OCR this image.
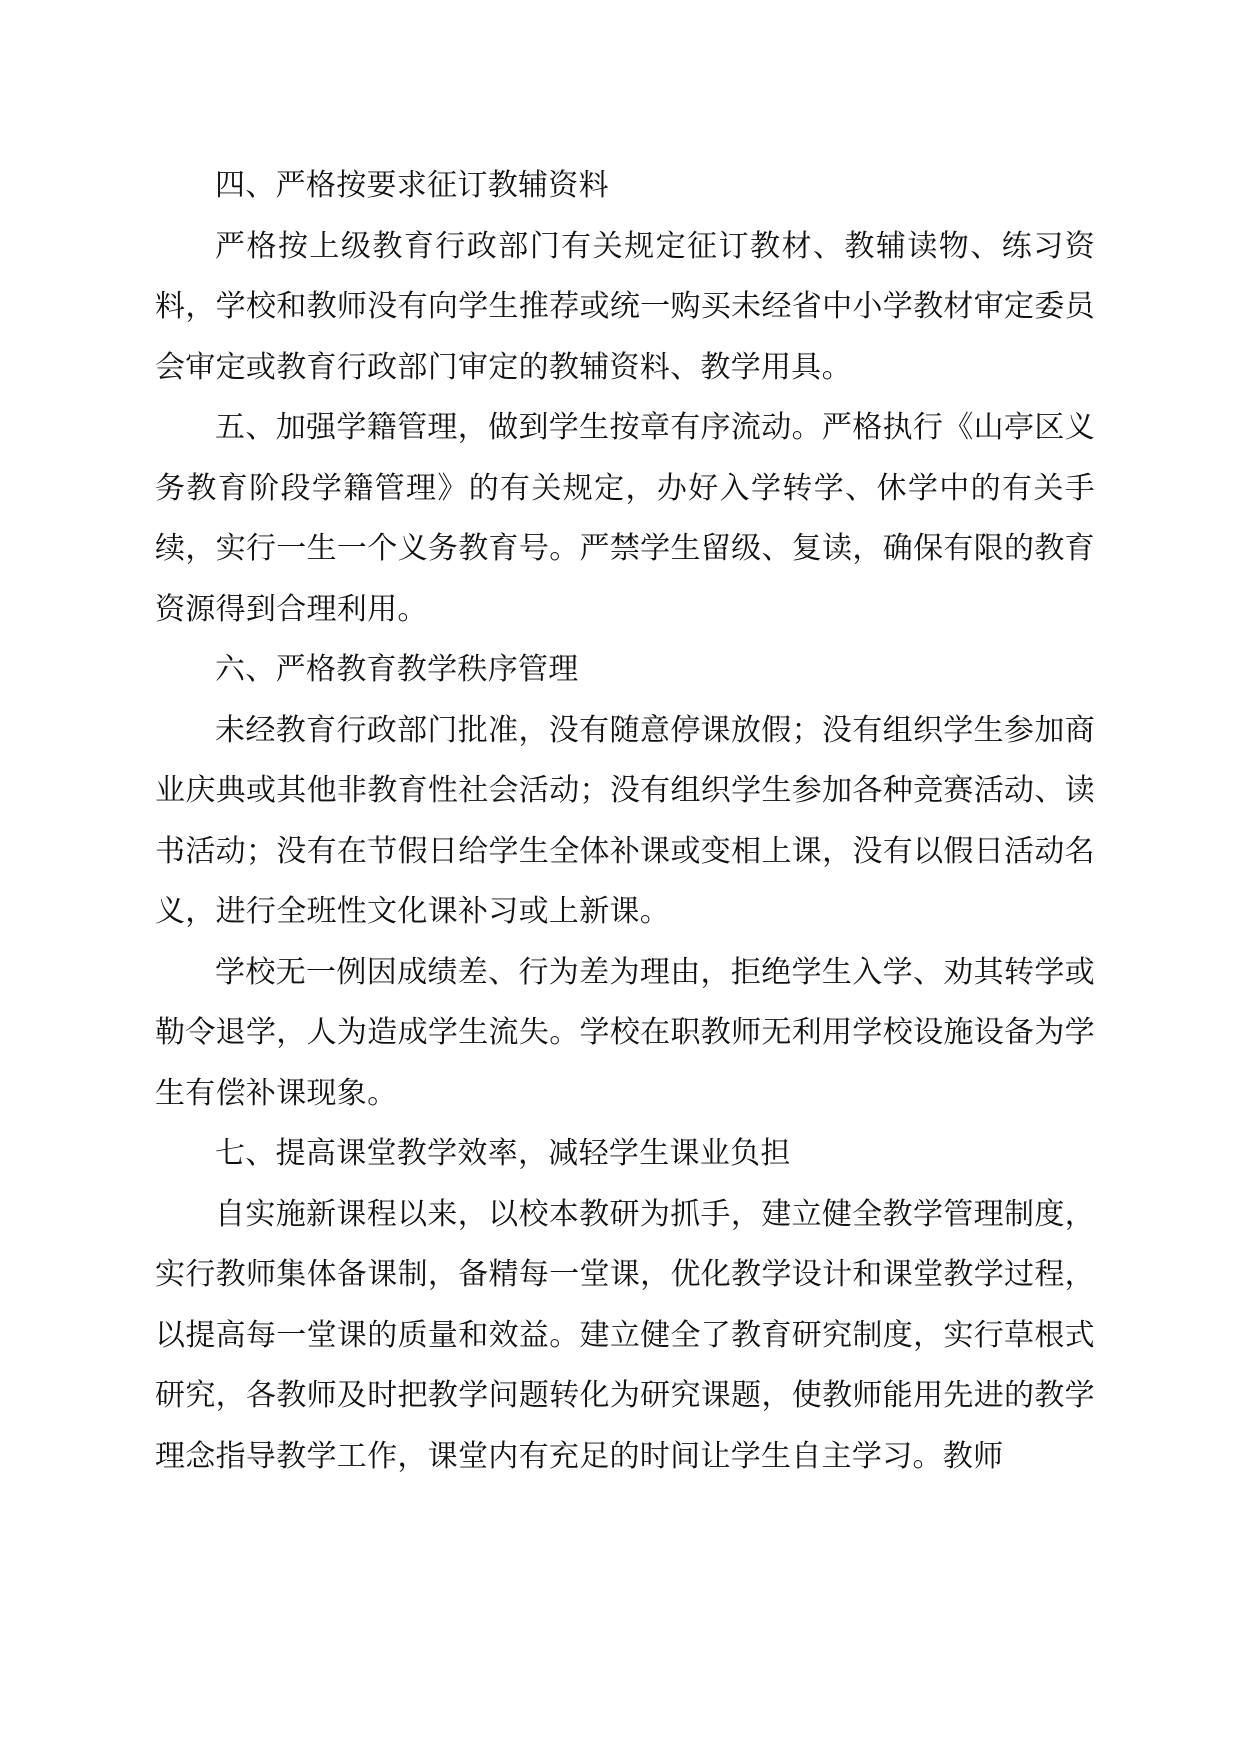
四、严格按要求征订教辅资料

严格按上级教育行政部门有关规定征订教材、教辅读物、练习资料，学校和教师没有向学生推荐或统一购买未经省中小学教材审定委员会审定或教育行政部门审定的教辅资料、教学用具。

五、加强学籍管理，做到学生按章有序流动。严格执行《山亭区义务教育阶段学籍管理》的有关规定，办好入学转学、休学中的有关手续，实行一生一个义务教育号。严禁学生留级、复读，确保有限的教育资源得到合理利用。

六、严格教育教学秩序管理

未经教育行政部门批准，没有随意停课放假；没有组织学生参加商业庆典或其他非教育性社会活动；没有组织学生参加各种竞赛活动、读书活动；没有在节假日给学生全体补课或变相上课，没有以假日活动名义，进行全班性文化课补习或上新课。

学校无一例因成绩差、行为差为理由，拒绝学生入学、劝其转学或勒令退学，人为造成学生流失。学校在职教师无利用学校设施设备为学生有偿补课现象。

七、提高课堂教学效率，减轻学生课业负担

自实施新课程以来，以校本教研为抓手，建立健全教学管理制度，实行教师集体备课制，备精每一堂课，优化教学设计和课堂教学过程，以提高每一堂课的质量和效益。建立健全了教育研究制度，实行草根式研究，各教师及时把教学问题转化为研究课题，使教师能用先进的教学理念指导教学工作，课堂内有充足的时间让学生自主学习。教师
